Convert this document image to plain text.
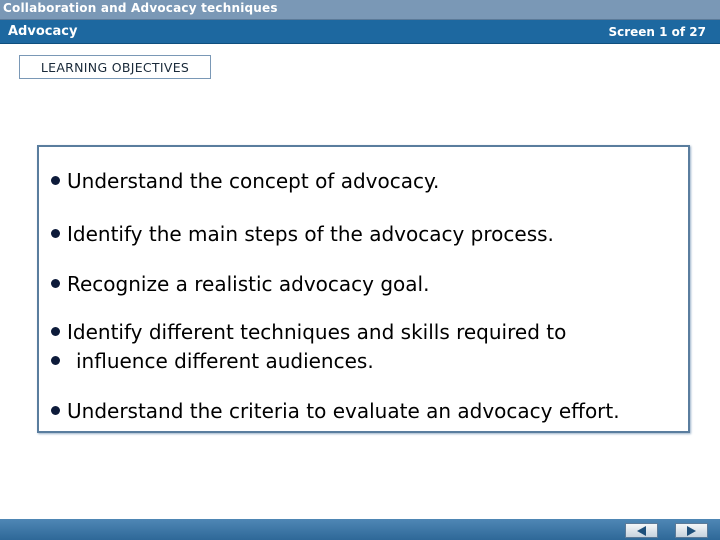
Collaboration and Advocacy techniques
Advocacy	Screen 1 of 27
LEARNING OBJECTIVES
Understand the concept of advocacy.
Identify the main steps of the advocacy process.
Recognize a realistic advocacy goal.
Identify different techniques and skills required to
influence different audiences.
Understand the criteria to evaluate an advocacy effort.
